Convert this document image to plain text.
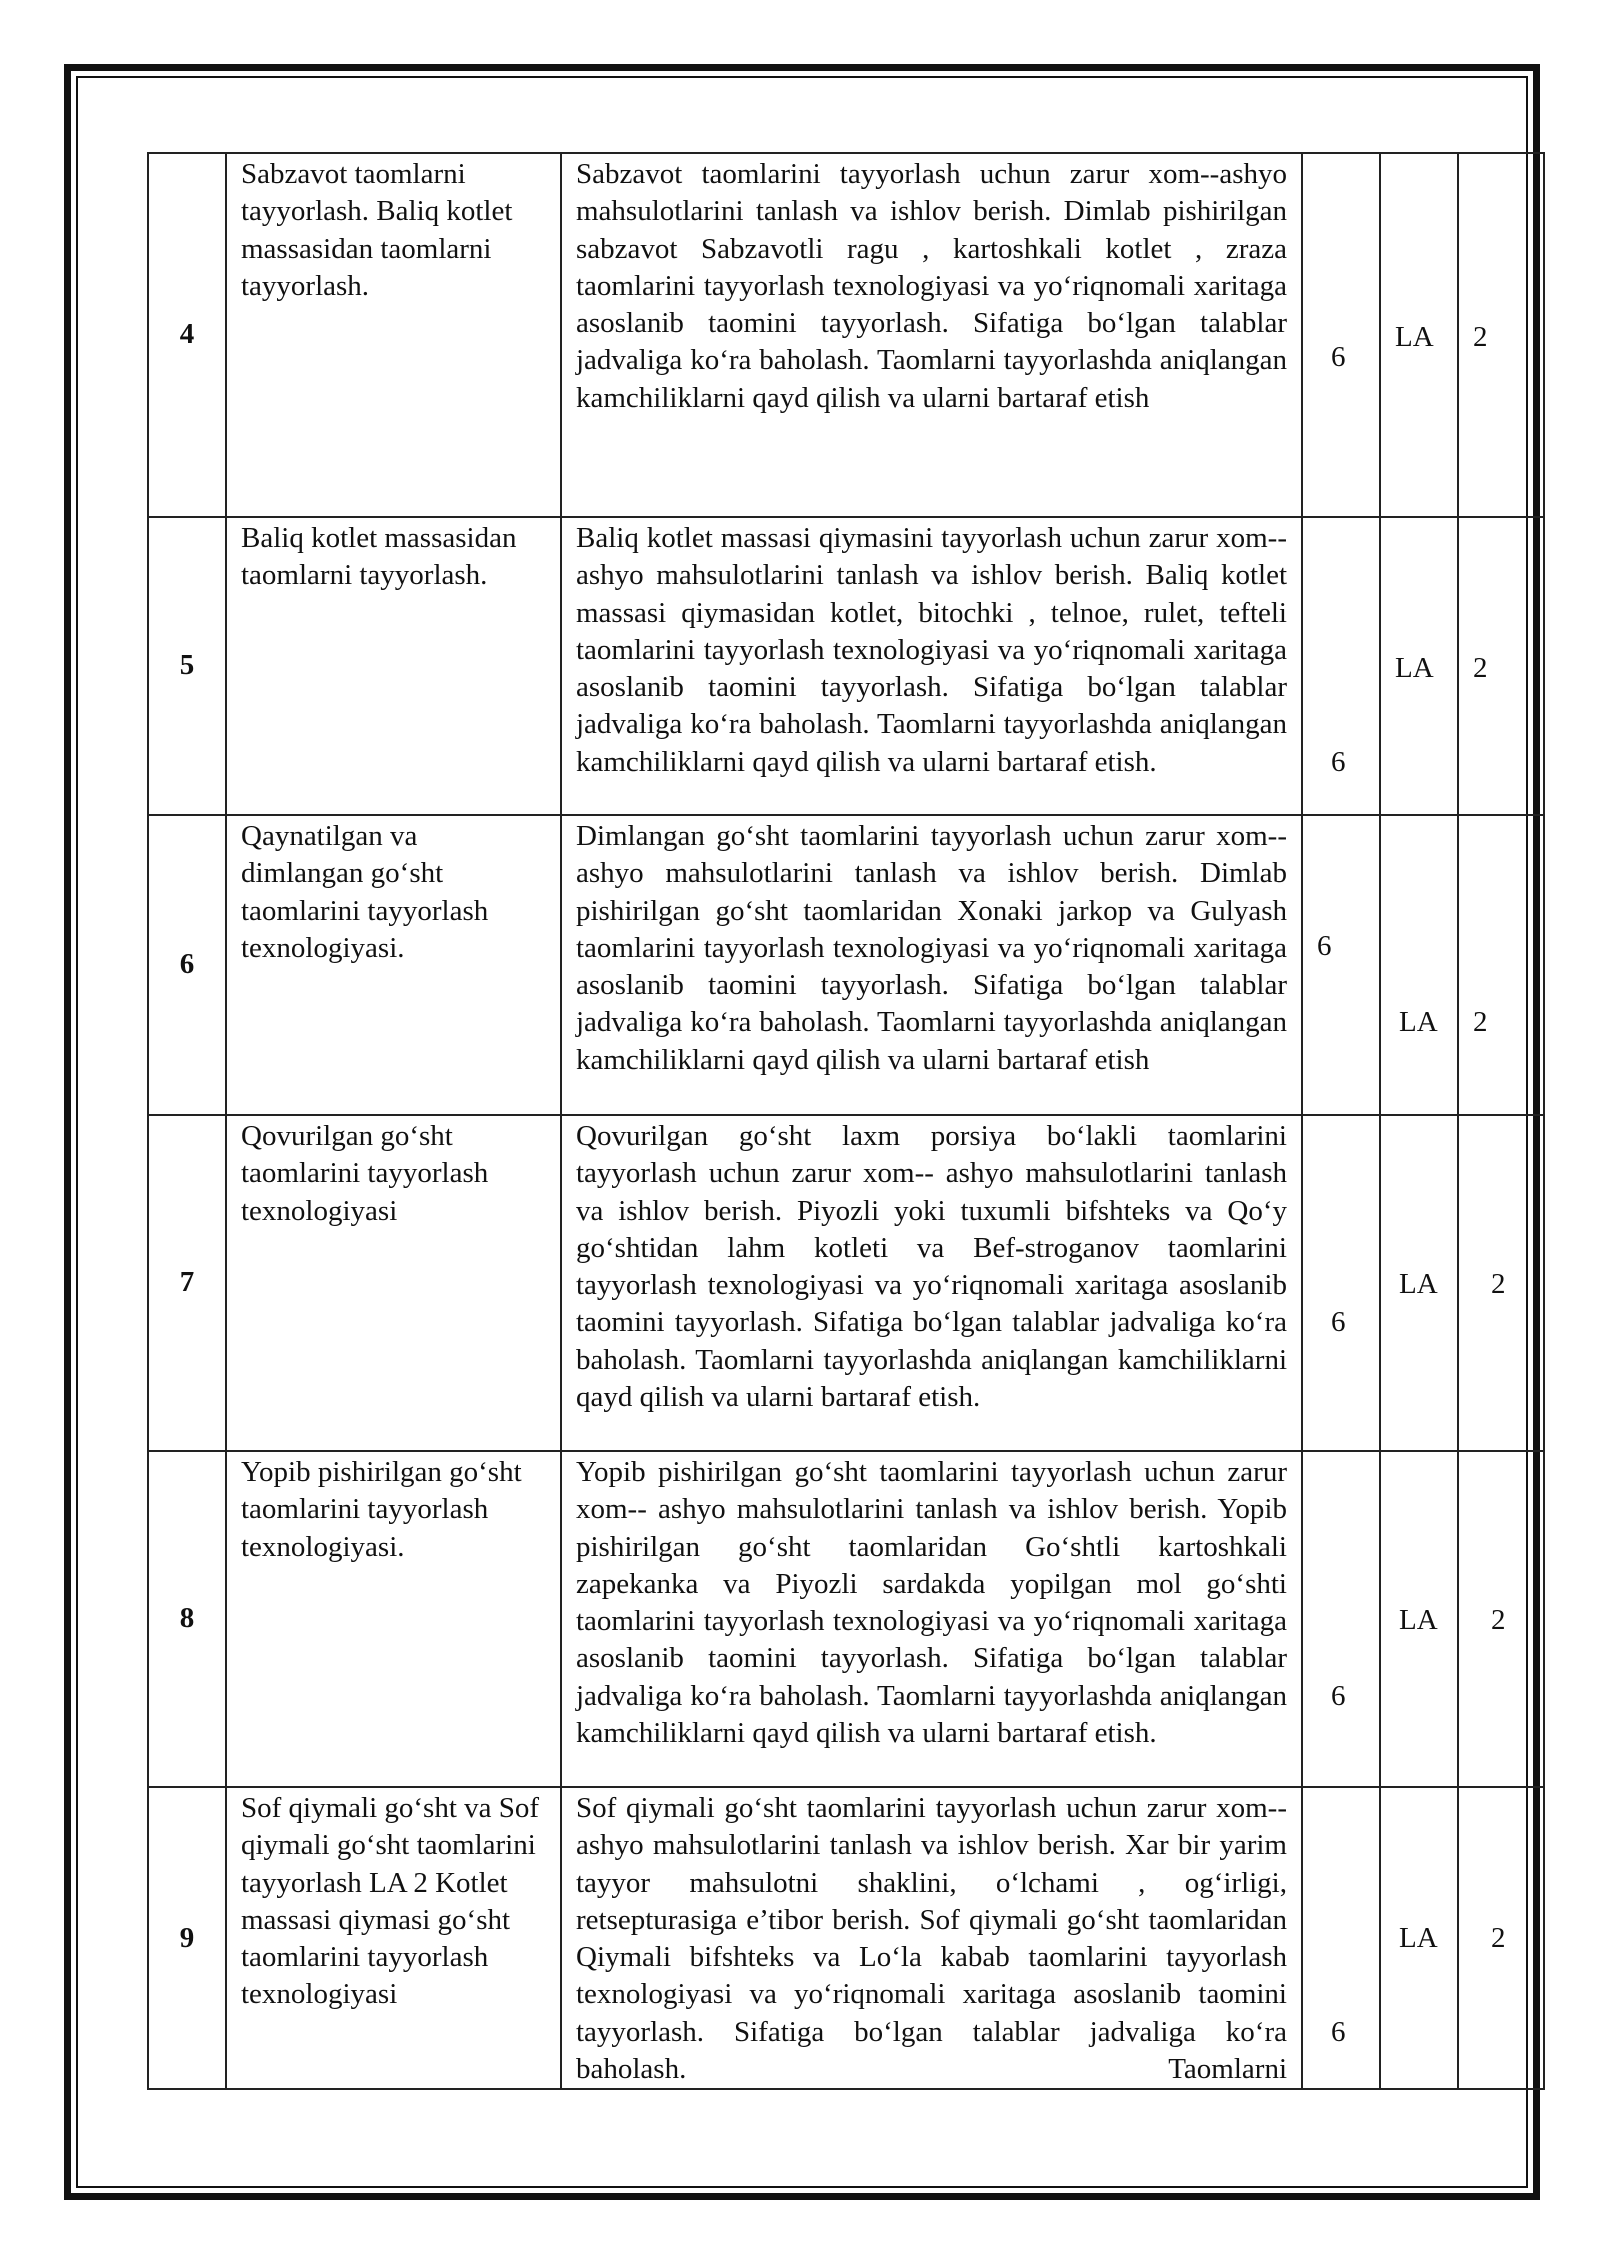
4	Sabzavot taomlarni tayyorlash. Baliq kotlet massasidan taomlarni tayyorlash.	Sabzavot taomlarini tayyorlash uchun zarur xom--ashyo mahsulotlarini tanlash va ishlov berish. Dimlab pishirilgan sabzavot Sabzavotli ragu , kartoshkali kotlet , zraza taomlarini tayyorlash texnologiyasi va yo‘riqnomali xaritaga asoslanib taomini tayyorlash. Sifatiga bo‘lgan talablar jadvaliga ko‘ra baholash. Taomlarni tayyorlashda aniqlangan kamchiliklarni qayd qilish va ularni bartaraf etish	6	LA	2

5	Baliq kotlet massasidan taomlarni tayyorlash.	Baliq kotlet massasi qiymasini tayyorlash uchun zarur xom-- ashyo mahsulotlarini tanlash va ishlov berish. Baliq kotlet massasi qiymasidan kotlet, bitochki , telnoe, rulet, tefteli taomlarini tayyorlash texnologiyasi va yo‘riqnomali xaritaga asoslanib taomini tayyorlash. Sifatiga bo‘lgan talablar jadvaliga ko‘ra baholash. Taomlarni tayyorlashda aniqlangan kamchiliklarni qayd qilish va ularni bartaraf etish.	6	LA	2

6	Qaynatilgan va dimlangan go‘sht taomlarini tayyorlash texnologiyasi.	Dimlangan go‘sht taomlarini tayyorlash uchun zarur xom-- ashyo mahsulotlarini tanlash va ishlov berish. Dimlab pishirilgan go‘sht taomlaridan Xonaki jarkop va Gulyash taomlarini tayyorlash texnologiyasi va yo‘riqnomali xaritaga asoslanib taomini tayyorlash. Sifatiga bo‘lgan talablar jadvaliga ko‘ra baholash. Taomlarni tayyorlashda aniqlangan kamchiliklarni qayd qilish va ularni bartaraf etish	6	LA	2

7	Qovurilgan go‘sht taomlarini tayyorlash texnologiyasi	Qovurilgan go‘sht laxm porsiya bo‘lakli taomlarini tayyorlash uchun zarur xom-- ashyo mahsulotlarini tanlash va ishlov berish. Piyozli yoki tuxumli bifshteks va Qo‘y go‘shtidan lahm kotleti va Bef-stroganov taomlarini tayyorlash texnologiyasi va yo‘riqnomali xaritaga asoslanib taomini tayyorlash. Sifatiga bo‘lgan talablar jadvaliga ko‘ra baholash. Taomlarni tayyorlashda aniqlangan kamchiliklarni qayd qilish va ularni bartaraf etish.	6	LA	2

8	Yopib pishirilgan go‘sht taomlarini tayyorlash texnologiyasi.	Yopib pishirilgan go‘sht taomlarini tayyorlash uchun zarur xom-- ashyo mahsulotlarini tanlash va ishlov berish. Yopib pishirilgan go‘sht taomlaridan Go‘shtli kartoshkali zapekanka va Piyozli sardakda yopilgan mol go‘shti taomlarini tayyorlash texnologiyasi va yo‘riqnomali xaritaga asoslanib taomini tayyorlash. Sifatiga bo‘lgan talablar jadvaliga ko‘ra baholash. Taomlarni tayyorlashda aniqlangan kamchiliklarni qayd qilish va ularni bartaraf etish.	6	LA	2

9	Sof qiymali go‘sht va Sof qiymali go‘sht taomlarini tayyorlash LA 2 Kotlet massasi qiymasi go‘sht taomlarini tayyorlash texnologiyasi	Sof qiymali go‘sht taomlarini tayyorlash uchun zarur xom-- ashyo mahsulotlarini tanlash va ishlov berish. Xar bir yarim tayyor mahsulotni shaklini, o‘lchami , og‘irligi, retsepturasiga e’tibor berish. Sof qiymali go‘sht taomlaridan Qiymali bifshteks va Lo‘la kabab taomlarini tayyorlash texnologiyasi va yo‘riqnomali xaritaga asoslanib taomini tayyorlash. Sifatiga bo‘lgan talablar jadvaliga ko‘ra baholash. Taomlarni	6	LA	2
